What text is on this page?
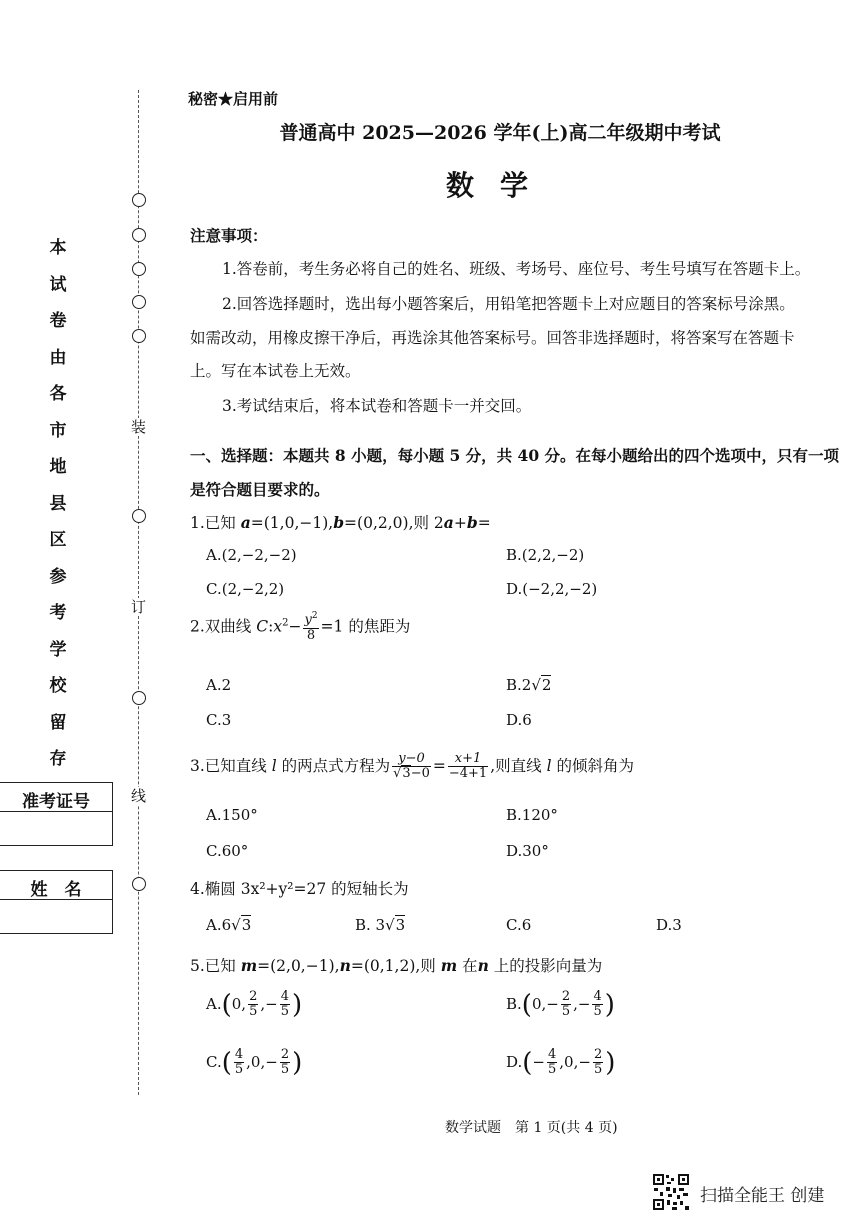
装
订
线
本
试
卷
由
各
市
地
县
区
参
考
学
校
留
存
准考证号
姓　名
秘密★启用前
普通高中 2025—2026 学年(上)高二年级期中考试
数学
注意事项：
1.答卷前，考生务必将自己的姓名、班级、考场号、座位号、考生号填写在答题卡上。
2.回答选择题时，选出每小题答案后，用铅笔把答题卡上对应题目的答案标号涂黑。
如需改动，用橡皮擦干净后，再选涂其他答案标号。回答非选择题时，将答案写在答题卡
上。写在本试卷上无效。
3.考试结束后，将本试卷和答题卡一并交回。
一、选择题：本题共 8 小题，每小题 5 分，共 40 分。在每小题给出的四个选项中，只有一项
是符合题目要求的。
1.已知 a=(1,0,−1),b=(0,2,0),则 2a+b=
A.(2,−2,−2)	B.(2,2,−2)
C.(2,−2,2)	D.(−2,2,−2)
2.双曲线 $C:x^2- \frac{y^2}{8} =1$ 的焦距为
A.2	B.2√2
C.3	D.6
3.已知直线 l 的两点式方程为 $\frac{y-0}{√3-0} = \frac{x+1}{-4+1}$ ,则直线 l 的倾斜角为
A.150°	B.120°
C.60°	D.30°
4.椭圆 3x²+y²=27 的短轴长为
A.6√3	B. 3√3	C.6	D.3
5.已知 m=(2,0,−1),n=(0,1,2),则 m 在n 上的投影向量为
A.(0, $\frac{2}{5}$ ,− $\frac{4}{5}$ )	$B.(0,- \frac{2}{5}$ ,− $\frac{4}{5}$ )
$C.( \frac{4}{5} ,0,- \frac{2}{5}$ )	$D.(- \frac{4}{5} ,0,- \frac{2}{5}$ )
数学试题　第 1 页(共 4 页)
扫描全能王 创建
